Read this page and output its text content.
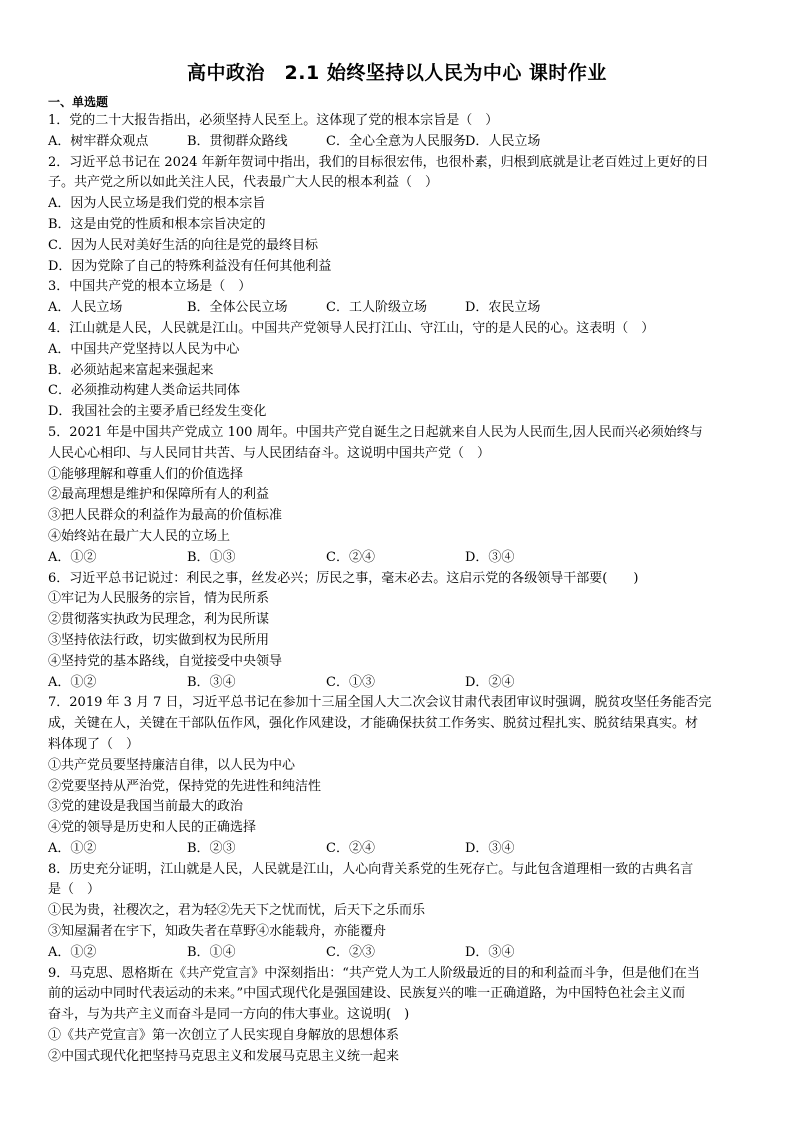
高中政治　2.1 始终坚持以人民为中心 课时作业
一、单选题
1．党的二十大报告指出，必须坚持人民至上。这体现了党的根本宗旨是（　）
A．树牢群众观点	B．贯彻群众路线	C．全心全意为人民服务 D．人民立场
2．习近平总书记在 2024 年新年贺词中指出，我们的目标很宏伟，也很朴素，归根到底就是让老百姓过上更好的日
子。共产党之所以如此关注人民，代表最广大人民的根本利益（　）
A．因为人民立场是我们党的根本宗旨
B．这是由党的性质和根本宗旨决定的
C．因为人民对美好生活的向往是党的最终目标
D．因为党除了自己的特殊利益没有任何其他利益
3．中国共产党的根本立场是（　）
A．人民立场	B．全体公民立场	C．工人阶级立场	D．农民立场
4．江山就是人民，人民就是江山。中国共产党领导人民打江山、守江山，守的是人民的心。这表明（　）
A．中国共产党坚持以人民为中心
B．必须站起来富起来强起来
C．必须推动构建人类命运共同体
D．我国社会的主要矛盾已经发生变化
5．2021 年是中国共产党成立 100 周年。中国共产党自诞生之日起就来自人民为人民而生,因人民而兴必须始终与
人民心心相印、与人民同甘共苦、与人民团结奋斗。这说明中国共产党（　）
①能够理解和尊重人们的价值选择
②最高理想是维护和保障所有人的利益
③把人民群众的利益作为最高的价值标准
④始终站在最广大人民的立场上
A．①②	B．①③	C．②④	D．③④
6．习近平总书记说过：利民之事，丝发必兴；厉民之事，毫末必去。这启示党的各级领导干部要(　　)
①牢记为人民服务的宗旨，情为民所系
②贯彻落实执政为民理念，利为民所谋
③坚持依法行政，切实做到权为民所用
④坚持党的基本路线，自觉接受中央领导
A．①②	B．③④	C．①③	D．②④
7．2019 年 3 月 7 日，习近平总书记在参加十三届全国人大二次会议甘肃代表团审议时强调，脱贫攻坚任务能否完
成，关键在人，关键在干部队伍作风，强化作风建设，才能确保扶贫工作务实、脱贫过程扎实、脱贫结果真实。材
料体现了（　）
①共产党员要坚持廉洁自律，以人民为中心
②党要坚持从严治党，保持党的先进性和纯洁性
③党的建设是我国当前最大的政治
④党的领导是历史和人民的正确选择
A．①②	B．②③	C．②④	D．③④
8．历史充分证明，江山就是人民，人民就是江山，人心向背关系党的生死存亡。与此包含道理相一致的古典名言
是（　）
①民为贵，社稷次之，君为轻②先天下之忧而忧，后天下之乐而乐
③知屋漏者在宇下，知政失者在草野④水能载舟，亦能覆舟
A．①②	B．①④	C．②③	D．③④
9．马克思、恩格斯在《共产党宣言》中深刻指出：“共产党人为工人阶级最近的目的和利益而斗争，但是他们在当
前的运动中同时代表运动的未来。”中国式现代化是强国建设、民族复兴的唯一正确道路，为中国特色社会主义而
奋斗，与为共产主义而奋斗是同一方向的伟大事业。这说明(　)
①《共产党宣言》第一次创立了人民实现自身解放的思想体系
②中国式现代化把坚持马克思主义和发展马克思主义统一起来
